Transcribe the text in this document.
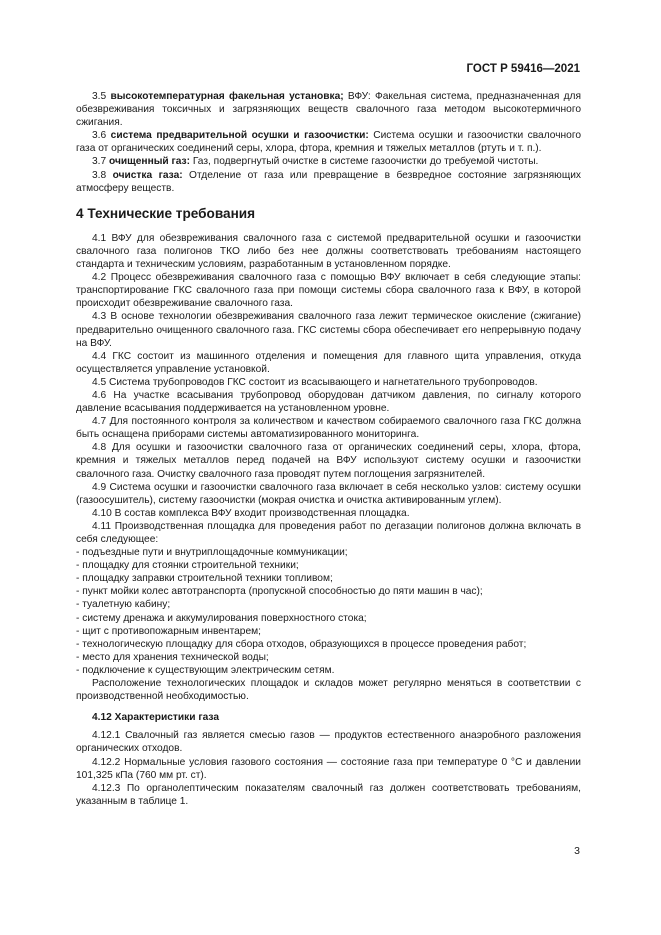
ГОСТ Р 59416—2021

3.5 высокотемпературная факельная установка; ВФУ: Факельная система, предназначенная для обезвреживания токсичных и загрязняющих веществ свалочного газа методом высокотермичного сжигания.

3.6 система предварительной осушки и газоочистки: Система осушки и газоочистки свалочного газа от органических соединений серы, хлора, фтора, кремния и тяжелых металлов (ртуть и т. п.).

3.7 очищенный газ: Газ, подвергнутый очистке в системе газоочистки до требуемой чистоты.

3.8 очистка газа: Отделение от газа или превращение в безвредное состояние загрязняющих атмосферу веществ.

4 Технические требования

4.1 ВФУ для обезвреживания свалочного газа с системой предварительной осушки и газоочистки свалочного газа полигонов ТКО либо без нее должны соответствовать требованиям настоящего стандарта и техническим условиям, разработанным в установленном порядке.

4.2 Процесс обезвреживания свалочного газа с помощью ВФУ включает в себя следующие этапы: транспортирование ГКС свалочного газа при помощи системы сбора свалочного газа к ВФУ, в которой происходит обезвреживание свалочного газа.

4.3 В основе технологии обезвреживания свалочного газа лежит термическое окисление (сжигание) предварительно очищенного свалочного газа. ГКС системы сбора обеспечивает его непрерывную подачу на ВФУ.

4.4 ГКС состоит из машинного отделения и помещения для главного щита управления, откуда осуществляется управление установкой.

4.5 Система трубопроводов ГКС состоит из всасывающего и нагнетательного трубопроводов.

4.6 На участке всасывания трубопровод оборудован датчиком давления, по сигналу которого давление всасывания поддерживается на установленном уровне.

4.7 Для постоянного контроля за количеством и качеством собираемого свалочного газа ГКС должна быть оснащена приборами системы автоматизированного мониторинга.

4.8 Для осушки и газоочистки свалочного газа от органических соединений серы, хлора, фтора, кремния и тяжелых металлов перед подачей на ВФУ используют систему осушки и газоочистки свалочного газа. Очистку свалочного газа проводят путем поглощения загрязнителей.

4.9 Система осушки и газоочистки свалочного газа включает в себя несколько узлов: систему осушки (газоосушитель), систему газоочистки (мокрая очистка и очистка активированным углем).

4.10 В состав комплекса ВФУ входит производственная площадка.

4.11 Производственная площадка для проведения работ по дегазации полигонов должна включать в себя следующее:

- подъездные пути и внутриплощадочные коммуникации;
- площадку для стоянки строительной техники;
- площадку заправки строительной техники топливом;
- пункт мойки колес автотранспорта (пропускной способностью до пяти машин в час);
- туалетную кабину;
- систему дренажа и аккумулирования поверхностного стока;
- щит с противопожарным инвентарем;
- технологическую площадку для сбора отходов, образующихся в процессе проведения работ;
- место для хранения технической воды;
- подключение к существующим электрическим сетям.

Расположение технологических площадок и складов может регулярно меняться в соответствии с производственной необходимостью.

4.12 Характеристики газа

4.12.1 Свалочный газ является смесью газов — продуктов естественного анаэробного разложения органических отходов.

4.12.2 Нормальные условия газового состояния — состояние газа при температуре 0 °С и давлении 101,325 кПа (760 мм рт. ст).

4.12.3 По органолептическим показателям свалочный газ должен соответствовать требованиям, указанным в таблице 1.

3
